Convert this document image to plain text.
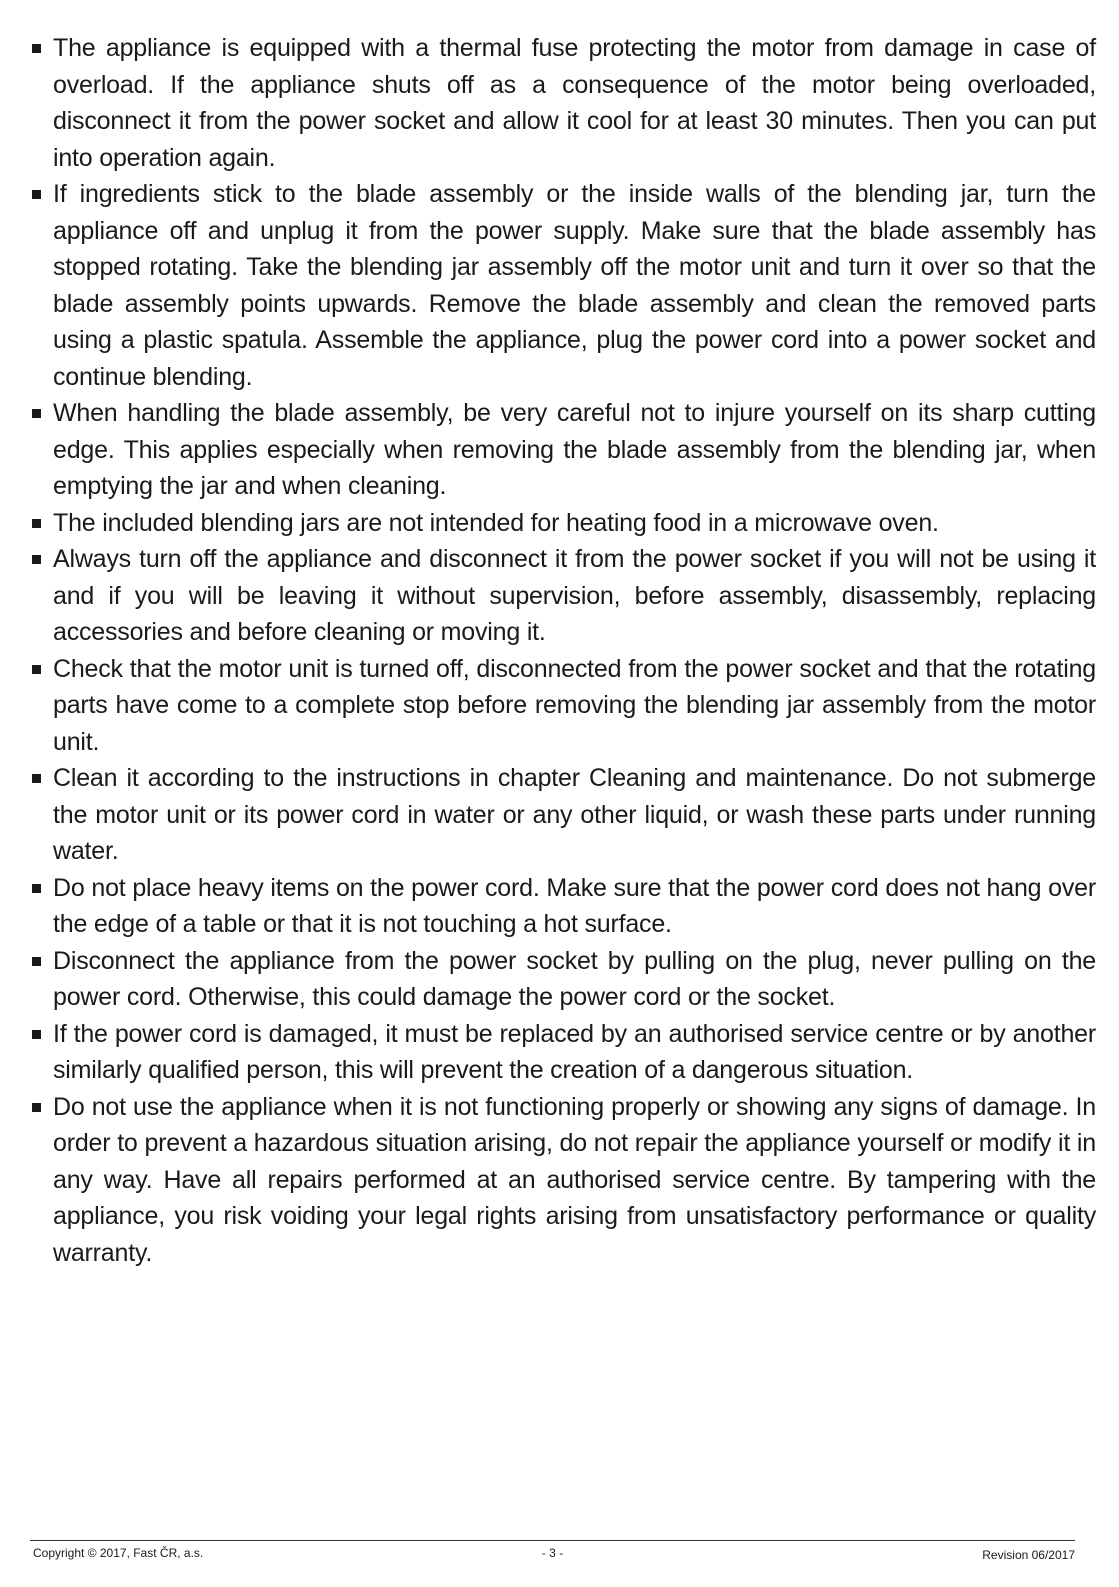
The appliance is equipped with a thermal fuse protecting the motor from damage in case of overload. If the appliance shuts off as a consequence of the motor being overloaded, disconnect it from the power socket and allow it cool for at least 30 minutes. Then you can put into operation again.
If ingredients stick to the blade assembly or the inside walls of the blending jar, turn the appliance off and unplug it from the power supply. Make sure that the blade assembly has stopped rotating. Take the blending jar assembly off the motor unit and turn it over so that the blade assembly points upwards. Remove the blade assembly and clean the removed parts using a plastic spatula. Assemble the appliance, plug the power cord into a power socket and continue blending.
When handling the blade assembly, be very careful not to injure yourself on its sharp cutting edge. This applies especially when removing the blade assembly from the blending jar, when emptying the jar and when cleaning.
The included blending jars are not intended for heating food in a microwave oven.
Always turn off the appliance and disconnect it from the power socket if you will not be using it and if you will be leaving it without supervision, before assembly, disassembly, replacing accessories and before cleaning or moving it.
Check that the motor unit is turned off, disconnected from the power socket and that the rotating parts have come to a complete stop before removing the blending jar assembly from the motor unit.
Clean it according to the instructions in chapter Cleaning and maintenance. Do not submerge the motor unit or its power cord in water or any other liquid, or wash these parts under running water.
Do not place heavy items on the power cord. Make sure that the power cord does not hang over the edge of a table or that it is not touching a hot surface.
Disconnect the appliance from the power socket by pulling on the plug, never pulling on the power cord. Otherwise, this could damage the power cord or the socket.
If the power cord is damaged, it must be replaced by an authorised service centre or by another similarly qualified person, this will prevent the creation of a dangerous situation.
Do not use the appliance when it is not functioning properly or showing any signs of damage. In order to prevent a hazardous situation arising, do not repair the appliance yourself or modify it in any way. Have all repairs performed at an authorised service centre. By tampering with the appliance, you risk voiding your legal rights arising from unsatisfactory performance or quality warranty.
Copyright © 2017, Fast ČR, a.s.	- 3 -	Revision 06/2017
